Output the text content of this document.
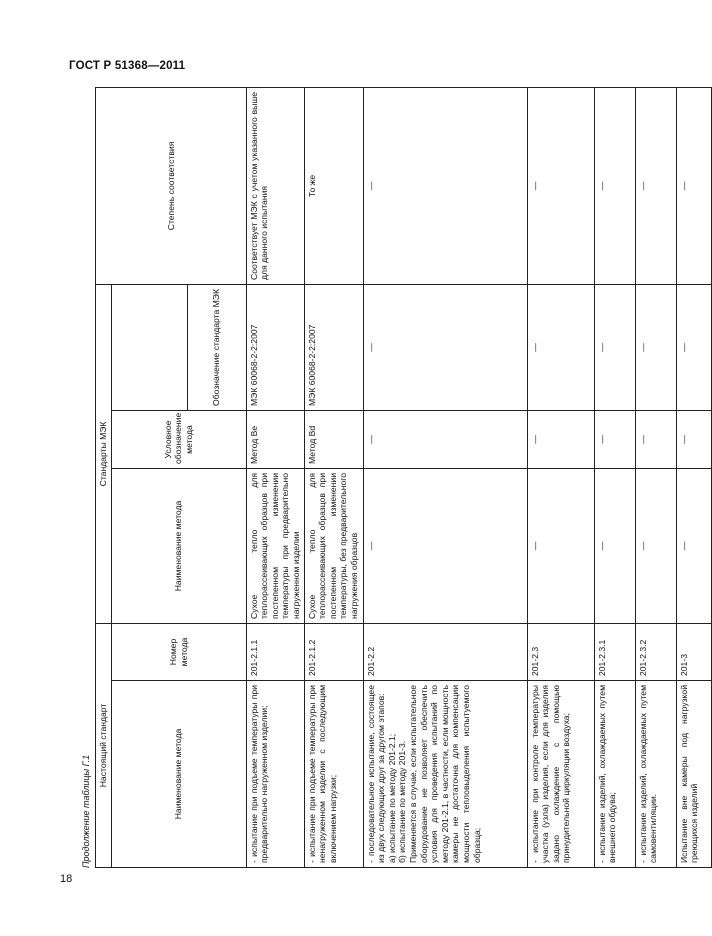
ГОСТ Р 51368—2011
Продолжение таблицы Г.1
Настоящий стандарт		Стандарты МЭК			Степень соответствия
Наименование метода	Номер метода	Наименование метода	Условное обозначение метода		
				Обозначение стандарта МЭК	
- испытание при подъеме температуры при предварительно нагруженном изделии;	201-2.1.1	Сухое тепло для теплорассеивающих образцов при постепенном изменении температуры при предварительно нагруженном изделии	Метод Be	МЭК 60068-2-2:2007	Соответствует МЭК с учетом указанного выше для данного испытания
- испытание при подъеме температуры при ненагруженном изделии с последующим включением нагрузки;	201-2.1.2	Сухое тепло для теплорассеивающих образцов при постепенном изменении температуры, без предварительного нагружения образцов	Метод Bd	МЭК 60068-2-2:2007	То же
- последовательное испытание, состоящее из двух следующих друг за другом этапов:
а) испытание по методу 201-2.1;
б) испытание по методу 201-3.
Применяется в случае, если испытательное оборудование не позволяет обеспечить условия для проведения испытаний по методу 201-2.1, в частности, если мощность камеры не достаточна для компенсации мощности тепловыделения испытуемого образца;	201-2.2	—	—	—	—
- испытание при контроле температуры участка (узла) изделия, если для изделия задано охлаждение с помощью принудительной циркуляции воздуха;	201-2.3	—	—	—	—
- испытание изделий, охлаждаемых путем внешнего обдува;	201-2.3.1	—	—	—	—
- испытание изделий, охлаждаемых путем самовентиляции.	201-2.3.2	—	—	—	—
Испытание вне камеры под нагрузкой греющихся изделий	201-3	—	—	—	—
18
